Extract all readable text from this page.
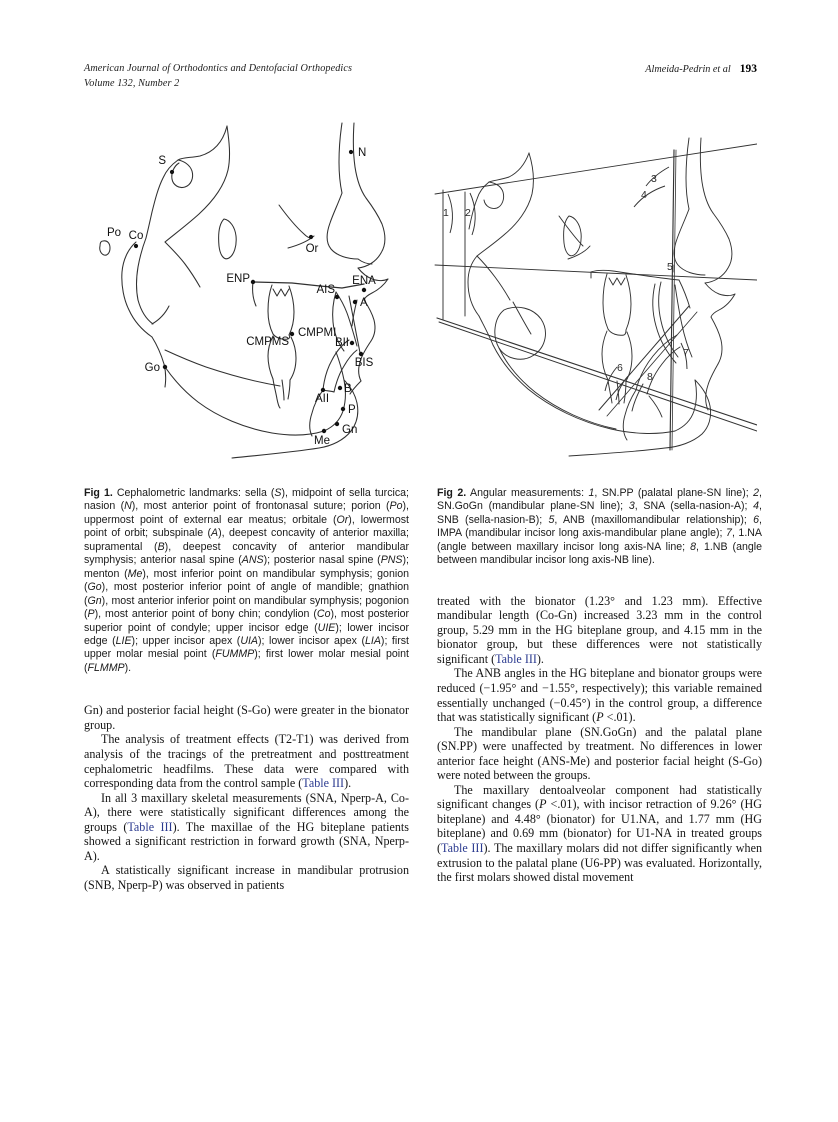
American Journal of Orthodontics and Dentofacial Orthopedics
Volume 132, Number 2
Almeida-Pedrin et al 193
S
N
Po Co
Or
ENP	ENA
AIS
A
CMPMS
CMPMI
BII
BIS
Go
AII
B
P
Gn
Me
1 2
3
4
5
6
7
8

Fig 1. Cephalometric landmarks: sella (S), midpoint of sella turcica; nasion (N), most anterior point of frontonasal suture; porion (Po), uppermost point of external ear meatus; orbitale (Or), lowermost point of orbit; subspinale (A), deepest concavity of anterior maxilla; supramental (B), deepest concavity of anterior mandibular symphysis; anterior nasal spine (ANS); posterior nasal spine (PNS); menton (Me), most inferior point on mandibular symphysis; gonion (Go), most posterior inferior point of angle of mandible; gnathion (Gn), most anterior inferior point on mandibular symphysis; pogonion (P), most anterior point of bony chin; condylion (Co), most posterior superior point of condyle; upper incisor edge (UIE); lower incisor edge (LIE); upper incisor apex (UIA); lower incisor apex (LIA); first upper molar mesial point (FUMMP); first lower molar mesial point (FLMMP).

Gn) and posterior facial height (S-Go) were greater in the bionator group.

The analysis of treatment effects (T2-T1) was derived from analysis of the tracings of the pretreatment and posttreatment cephalometric headfilms. These data were compared with corresponding data from the control sample (Table III).

In all 3 maxillary skeletal measurements (SNA, Nperp-A, Co-A), there were statistically significant differences among the groups (Table III). The maxillae of the HG biteplane patients showed a significant restriction in forward growth (SNA, Nperp-A).

A statistically significant increase in mandibular protrusion (SNB, Nperp-P) was observed in patients

Fig 2. Angular measurements: 1, SN.PP (palatal plane-SN line); 2, SN.GoGn (mandibular plane-SN line); 3, SNA (sella-nasion-A); 4, SNB (sella-nasion-B); 5, ANB (maxillomandibular relationship); 6, IMPA (mandibular incisor long axis-mandibular plane angle); 7, 1.NA (angle between maxillary incisor long axis-NA line; 8, 1.NB (angle between mandibular incisor long axis-NB line).

treated with the bionator (1.23° and 1.23 mm). Effective mandibular length (Co-Gn) increased 3.23 mm in the control group, 5.29 mm in the HG biteplane group, and 4.15 mm in the bionator group, but these differences were not statistically significant (Table III).

The ANB angles in the HG biteplane and bionator groups were reduced (−1.95° and −1.55°, respectively); this variable remained essentially unchanged (−0.45°) in the control group, a difference that was statistically significant (P <.01).

The mandibular plane (SN.GoGn) and the palatal plane (SN.PP) were unaffected by treatment. No differences in lower anterior face height (ANS-Me) and posterior facial height (S-Go) were noted between the groups.

The maxillary dentoalveolar component had statistically significant changes (P <.01), with incisor retraction of 9.26° (HG biteplane) and 4.48° (bionator) for U1.NA, and 1.77 mm (HG biteplane) and 0.69 mm (bionator) for U1-NA in treated groups (Table III). The maxillary molars did not differ significantly when extrusion to the palatal plane (U6-PP) was evaluated. Horizontally, the first molars showed distal movement
